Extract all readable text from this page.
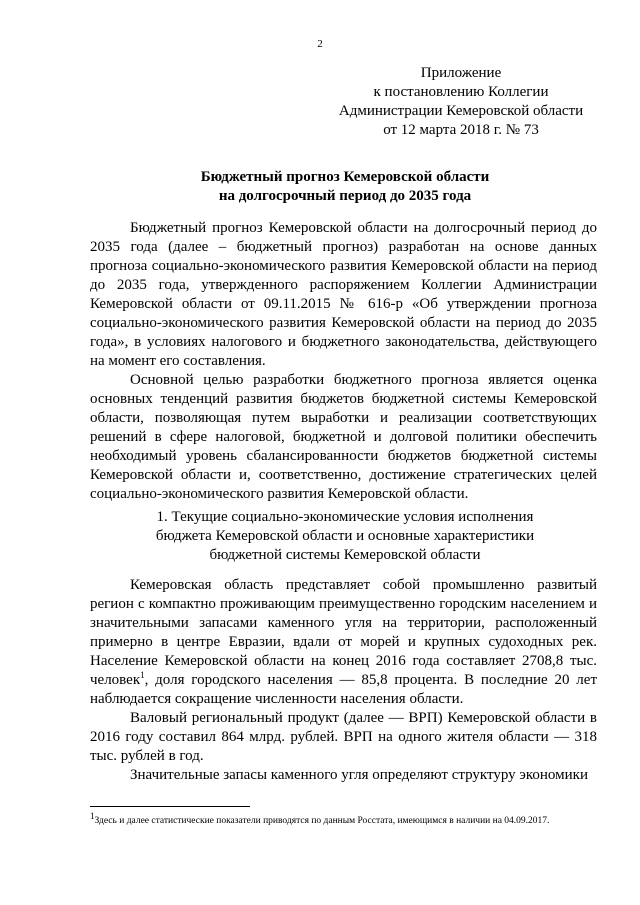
2
Приложение
к постановлению Коллегии
Администрации Кемеровской области
от 12 марта 2018 г. № 73
Бюджетный прогноз Кемеровской области
на долгосрочный период до 2035 года

Бюджетный прогноз Кемеровской области на долгосрочный период до 2035 года (далее – бюджетный прогноз) разработан на основе данных прогноза социально-экономического развития Кемеровской области на период до 2035 года, утвержденного распоряжением Коллегии Администрации Кемеровской области от 09.11.2015 № 616-р «Об утверждении прогноза социально-экономического развития Кемеровской области на период до 2035 года», в условиях налогового и бюджетного законодательства, действующего на момент его составления.

Основной целью разработки бюджетного прогноза является оценка основных тенденций развития бюджетов бюджетной системы Кемеровской области, позволяющая путем выработки и реализации соответствующих решений в сфере налоговой, бюджетной и долговой политики обеспечить необходимый уровень сбалансированности бюджетов бюджетной системы Кемеровской области и, соответственно, достижение стратегических целей социально-экономического развития Кемеровской области.

1. Текущие социально-экономические условия исполнения
бюджета Кемеровской области и основные характеристики
бюджетной системы Кемеровской области

Кемеровская область представляет собой промышленно развитый регион с компактно проживающим преимущественно городским населением и значительными запасами каменного угля на территории, расположенный примерно в центре Евразии, вдали от морей и крупных судоходных рек. Население Кемеровской области на конец 2016 года составляет 2708,8 тыс. человек$^1$, доля городского населения — 85,8 процента. В последние 20 лет наблюдается сокращение численности населения области.

Валовый региональный продукт (далее — ВРП) Кемеровской области в 2016 году составил 864 млрд. рублей. ВРП на одного жителя области — 318 тыс. рублей в год.

Значительные запасы каменного угля определяют структуру экономики

$^1$Здесь и далее статистические показатели приводятся по данным Росстата, имеющимся в наличии на 04.09.2017.
